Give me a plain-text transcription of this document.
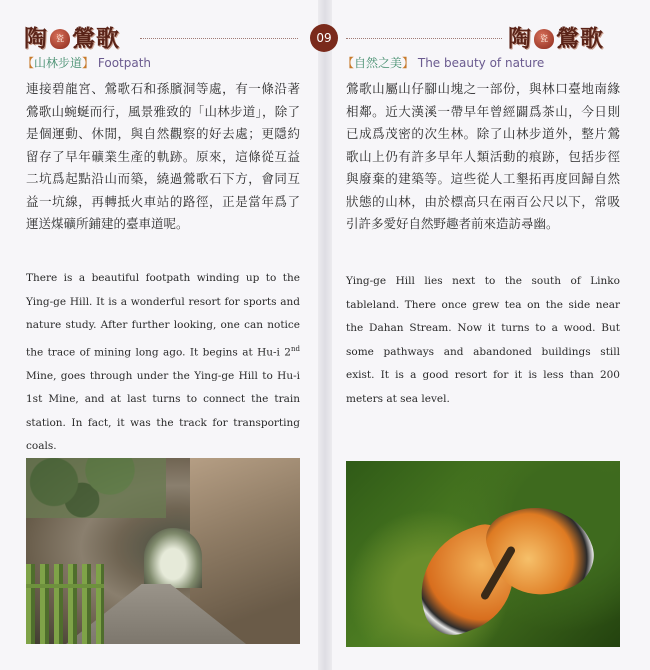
陶 瓷 鶯歌
【山林步道】 Footpath

連接碧龍宮、鶯歌石和孫臏洞等處，有一條沿著鶯歌山蜿蜒而行，風景雅致的「山林步道」，除了是個運動、休閒，與自然觀察的好去處；更隱約留存了早年礦業生產的軌跡。原來，這條從互益二坑爲起點沿山而築，繞過鶯歌石下方，會同互益一坑線，再轉抵火車站的路徑，正是當年爲了運送煤礦所鋪建的臺車道呢。

There is a beautiful footpath winding up to the Ying-ge Hill. It is a wonderful resort for sports and nature study. After further looking, one can notice the trace of mining long ago. It begins at Hu-i 2nd Mine, goes through under the Ying-ge Hill to Hu-i 1st Mine, and at last turns to connect the train station. In fact, it was the track for transporting coals.

09	陶 瓷 鶯歌
【自然之美】 The beauty of nature

鶯歌山屬山仔腳山塊之一部份，與林口臺地南緣相鄰。近大漢溪一帶早年曾經闢爲茶山，今日則已成爲茂密的次生林。除了山林步道外，整片鶯歌山上仍有許多早年人類活動的痕跡，包括步徑與廢棄的建築等。這些從人工墾拓再度回歸自然狀態的山林，由於標高只在兩百公尺以下，常吸引許多愛好自然野趣者前來造訪尋幽。

Ying-ge Hill lies next to the south of Linko tableland. There once grew tea on the side near the Dahan Stream. Now it turns to a wood. But some pathways and abandoned buildings still exist. It is a good resort for it is less than 200 meters at sea level.
